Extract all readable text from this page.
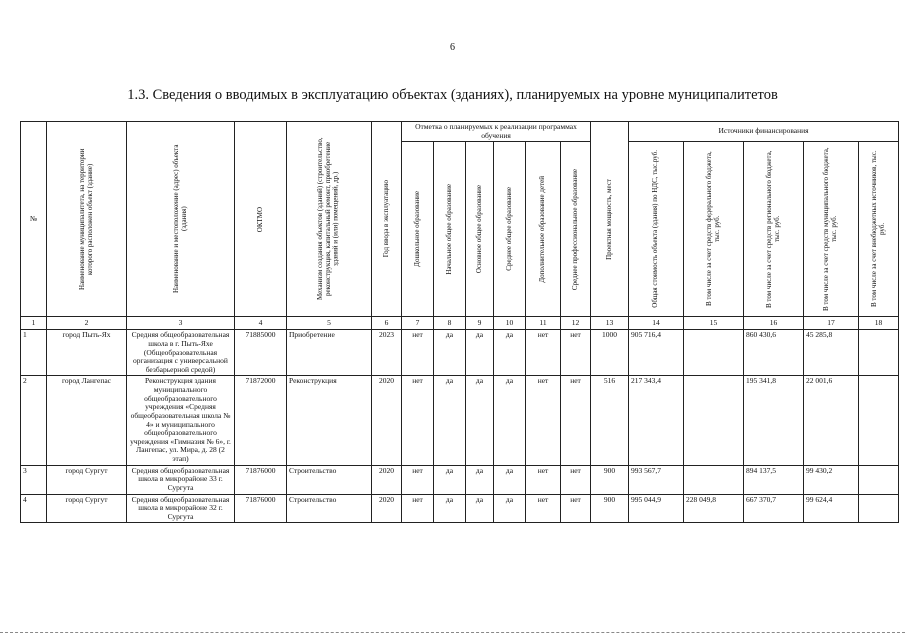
6
1.3. Сведения о вводимых в эксплуатацию объектах (зданиях), планируемых на уровне муниципалитетов
№	Наименование муниципалитета, на территории которого расположен объект (здание)	Наименование и местоположение (адрес) объекта (здания)	ОКТМО	Механизм создания объектов (зданий) (строительство, реконструкция, капитальный ремонт, приобретение зданий и (или) помещений, др.)	Год ввода в эксплуатацию	Отметка о планируемых к реализации программах обучения						Проектная мощность, мест	Источники финансирования				

						Дошкольное образование	Начальное общее образование	Основное общее образование	Среднее общее образование	Дополнительное образование детей	Среднее профессиональное образование		Общая стоимость объекта (здания) по НДС, тыс.руб.	В том числе за счет средств федерального бюджета, тыс. руб.	В том числе за счет средств регионального бюджета, тыс. руб.	В том числе за счет средств муниципального бюджета, тыс. руб.	В том числе за счет внебюджетных источников, тыс. руб.

1	2	3	4	5	6	7	8	9	10	11	12	13	14	15	16	17	18
1	город Пыть-Ях	Средняя общеобразовательная школа в г. Пыть-Яхе (Общеобразовательная организация с универсальной безбарьерной средой)	71885000	Приобретение	2023	нет	да	да	да	нет	нет	1000	905 716,4		860 430,6	45 285,8	
2	город Лангепас	Реконструкция здания муниципального общеобразовательного учреждения «Средняя общеобразовательная школа № 4» и муниципального общеобразовательного учреждения «Гимназия № 6», г. Лангепас, ул. Мира, д. 28 (2 этап)	71872000	Реконструкция	2020	нет	да	да	да	нет	нет	516	217 343,4		195 341,8	22 001,6	
3	город Сургут	Средняя общеобразовательная школа в микрорайоне 33 г. Сургута	71876000	Строительство	2020	нет	да	да	да	нет	нет	900	993 567,7		894 137,5	99 430,2	
4	город Сургут	Средняя общеобразовательная школа в микрорайоне 32 г. Сургута	71876000	Строительство	2020	нет	да	да	да	нет	нет	900	995 044,9	228 049,8	667 370,7	99 624,4	
